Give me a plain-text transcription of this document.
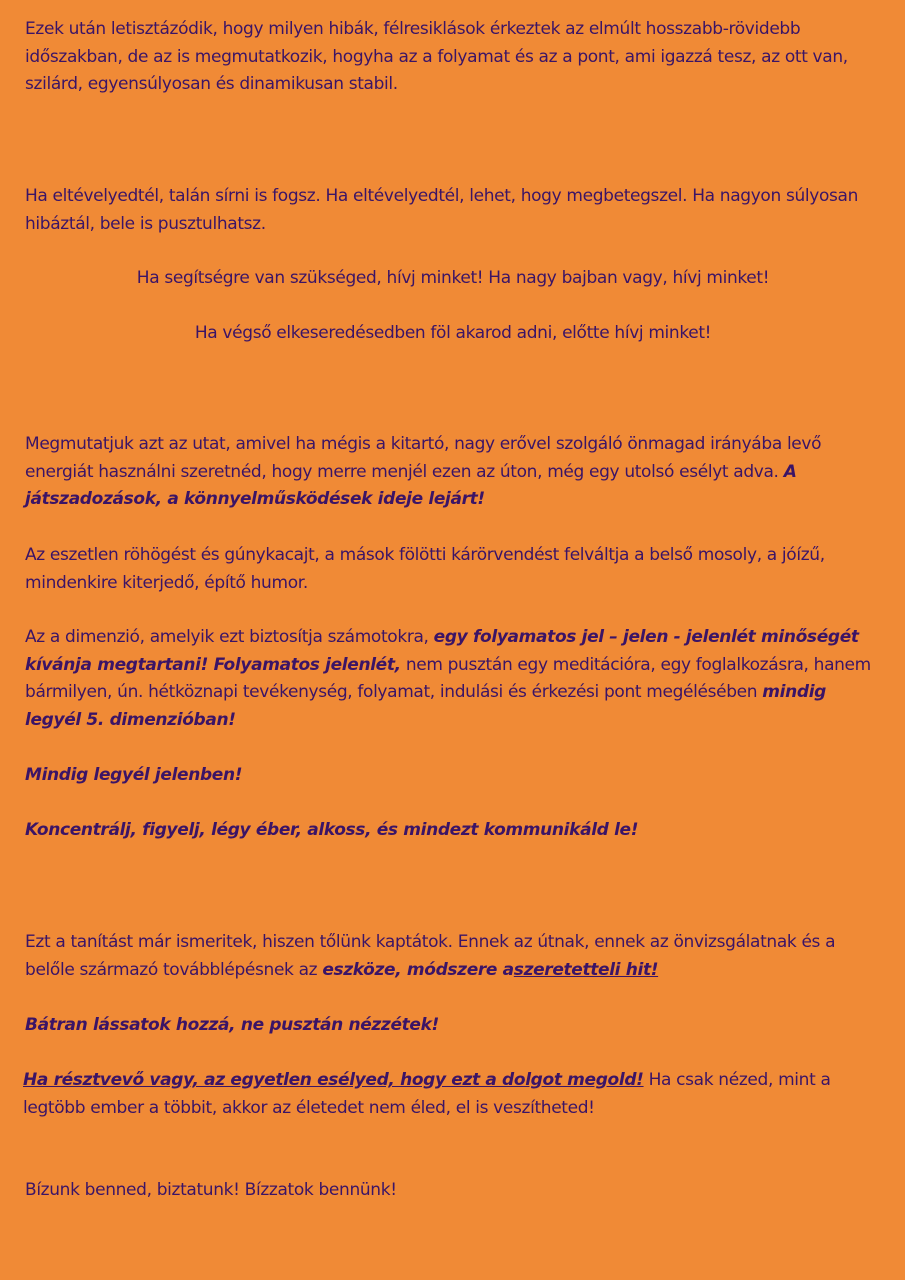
Ezek után letisztázódik, hogy milyen hibák, félresiklások érkeztek az elmúlt hosszabb-rövidebb időszakban, de az is megmutatkozik, hogyha az a folyamat és az a pont, ami igazzá tesz, az ott van, szilárd, egyensúlyosan és dinamikusan stabil.

Ha eltévelyedtél, talán sírni is fogsz. Ha eltévelyedtél, lehet, hogy megbetegszel. Ha nagyon súlyosan hibáztál, bele is pusztulhatsz.

Ha segítségre van szükséged, hívj minket! Ha nagy bajban vagy, hívj minket!

Ha végső elkeseredésedben föl akarod adni, előtte hívj minket!

Megmutatjuk azt az utat, amivel ha mégis a kitartó, nagy erővel szolgáló önmagad irányába levő energiát használni szeretnéd, hogy merre menjél ezen az úton, még egy utolsó esélyt adva. A játszadozások, a könnyelműsködések ideje lejárt!

Az eszetlen röhögést és gúnykacajt, a mások fölötti kárörvendést felváltja a belső mosoly, a jóízű, mindenkire kiterjedő, építő humor.

Az a dimenzió, amelyik ezt biztosítja számotokra, egy folyamatos jel – jelen - jelenlét minőségét kívánja megtartani! Folyamatos jelenlét, nem pusztán egy meditációra, egy foglalkozásra, hanem bármilyen, ún. hétköznapi tevékenység, folyamat, indulási és érkezési pont megélésében mindig legyél 5. dimenzióban!

Mindig legyél jelenben!

Koncentrálj, figyelj, légy éber, alkoss, és mindezt kommunikáld le!

Ezt a tanítást már ismeritek, hiszen tőlünk kaptátok. Ennek az útnak, ennek az önvizsgálatnak és a belőle származó továbblépésnek az eszköze, módszere aszeretetteli hit!

Bátran lássatok hozzá, ne pusztán nézzétek!

Ha résztvevő vagy, az egyetlen esélyed, hogy ezt a dolgot megold! Ha csak nézed, mint a legtöbb ember a többit, akkor az életedet nem éled, el is veszítheted!

Bízunk benned, biztatunk! Bízzatok bennünk!
